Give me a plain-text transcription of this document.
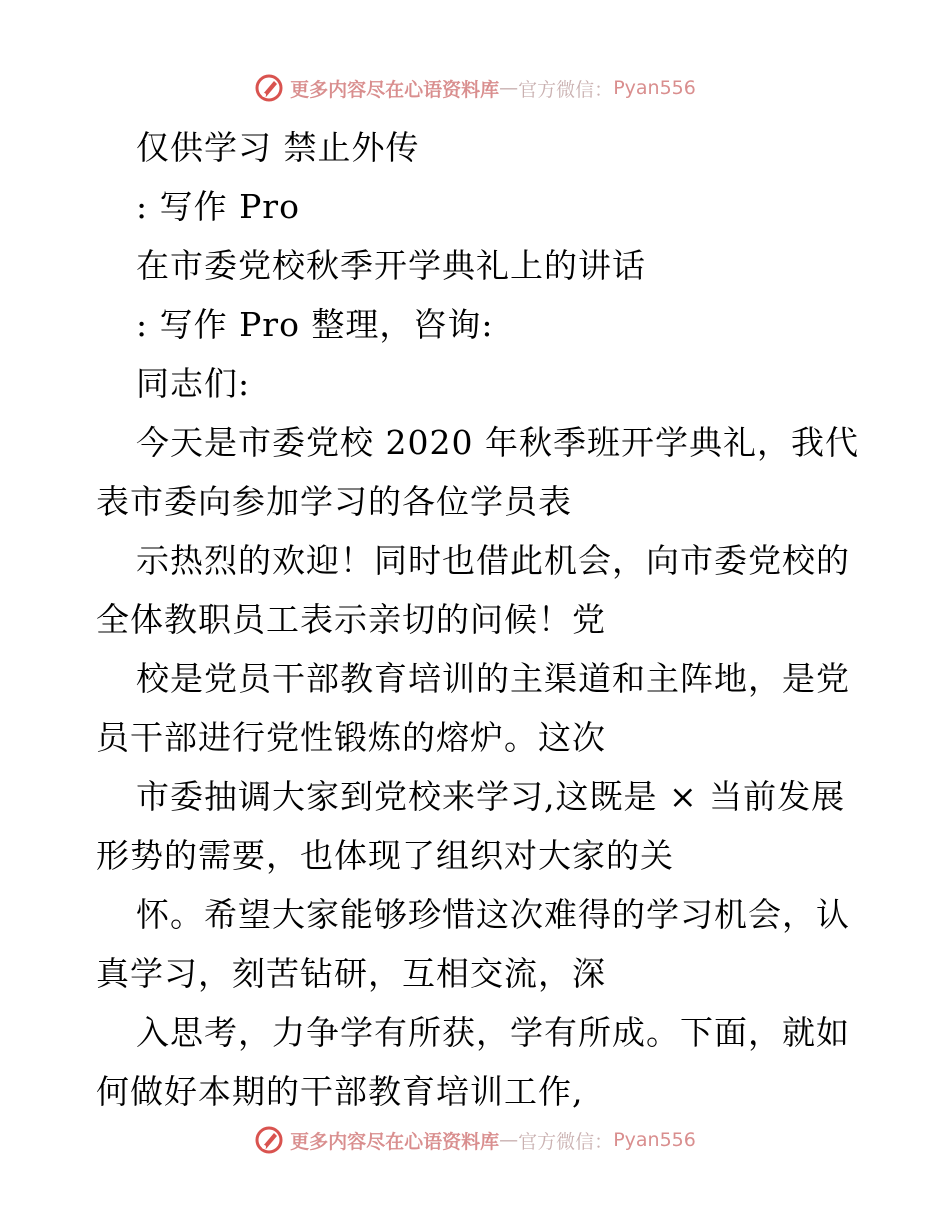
更多内容尽在心语资料库 — 官方微信： Pyan556
仅供学习 禁止外传
: 写作 Pro
在市委党校秋季开学典礼上的讲话
: 写作 Pro 整理，咨询:
同志们:
今天是市委党校 2020 年秋季班开学典礼，我代
表市委向参加学习的各位学员表
示热烈的欢迎！同时也借此机会，向市委党校的
全体教职员工表示亲切的问候！党
校是党员干部教育培训的主渠道和主阵地，是党
员干部进行党性锻炼的熔炉。这次
市委抽调大家到党校来学习,这既是 × 当前发展
形势的需要，也体现了组织对大家的关
怀。希望大家能够珍惜这次难得的学习机会，认
真学习，刻苦钻研，互相交流，深
入思考，力争学有所获，学有所成。下面，就如
何做好本期的干部教育培训工作,
更多内容尽在心语资料库 — 官方微信： Pyan556
